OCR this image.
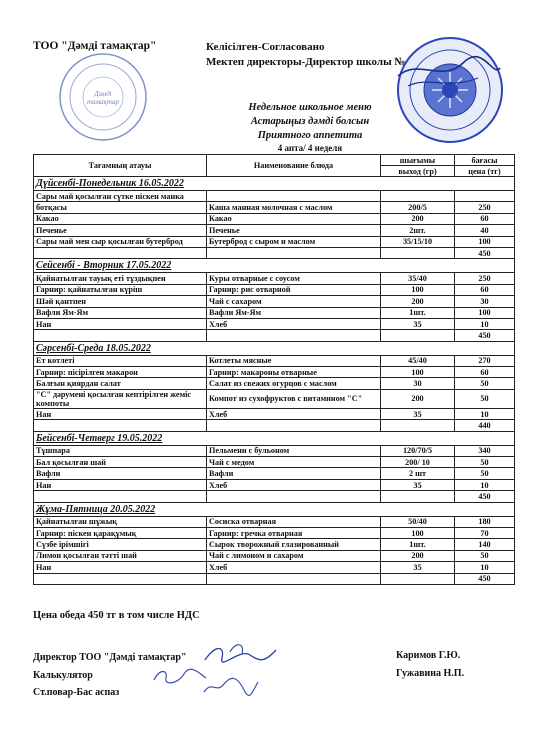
ТОО "Дәмді тамақтар"	Келісілген-Согласовано
Мектеп директоры-Директор школы №
Дәмді тамақтар	Недельное школьное меню
Астарыңыз дәмді болсын
Приятного аппетита
4 апта/ 4 неделя
Тағамның атауы	Наименование блюда	шығымы	бағасы
		выход (гр)	цена (тг)
Дүйсенбі-Понедельник 16.05.2022			
Сары май қосылған сүтке піскен манка			
ботқасы	Каша манная молочная с маслом	200/5	250
Какао	Какао	200	60
Печенье	Печенье	2шт.	40
Сары май мен сыр қосылған бутерброд	Бутерброд с сыром и маслом	35/15/10	100
			450
Сейсенбі - Вторник 17.05.2022			
Қайнатылған тауық еті тұздықпен	Куры отварные с соусом	35/40	250
Гарнир: қайнатылған күріш	Гарнир: рис отварной	100	60
Шәй қантпен	Чай с сахаром	200	30
Вафли Ям-Ям	Вафли Ям-Ям	1шт.	100
Нан	Хлеб	35	10
			450
Сәрсенбі-Среда 18.05.2022			
Ет котлеті	Котлеты мясные	45/40	270
Гарнир: пісірілген макарон	Гарнир: макароны отварные	100	60
Балғын қиярдан салат	Салат из свежих огурцов с маслом	30	50
"С" дәруменi қосылған кептірілген жеміс компоты	Компот из сухофруктов с витамином "С"	200	50
Нан	Хлеб	35	10
			440
Бейсенбі-Четверг 19.05.2022			
Тұшпара	Пельмени с бульоном	120/70/5	340
Бал қосылған шай	Чай с медом	200/ 10	50
Вафли	Вафли	2 шт	50
Нан	Хлеб	35	10
			450
Жұма-Пятница 20.05.2022			
Қайнатылған шұжық	Сосиска отварная	50/40	180
Гарнир: піскен қарақұмық	Гарнир: гречка отварная	100	70
Сүзбе ірімшігі	Сырок творожный глазированный	1шт.	140
Лимон қосылған тәтті шай	Чай с лимоном и сахаром	200	50
Нан	Хлеб	35	10
			450
Цена обеда 450 тг в том числе НДС
Директор ТОО "Дәмді тамақтар"
Калькулятор
Ст.повар-Бас аспаз
Каримов Г.Ю.
Гужавина Н.П.
